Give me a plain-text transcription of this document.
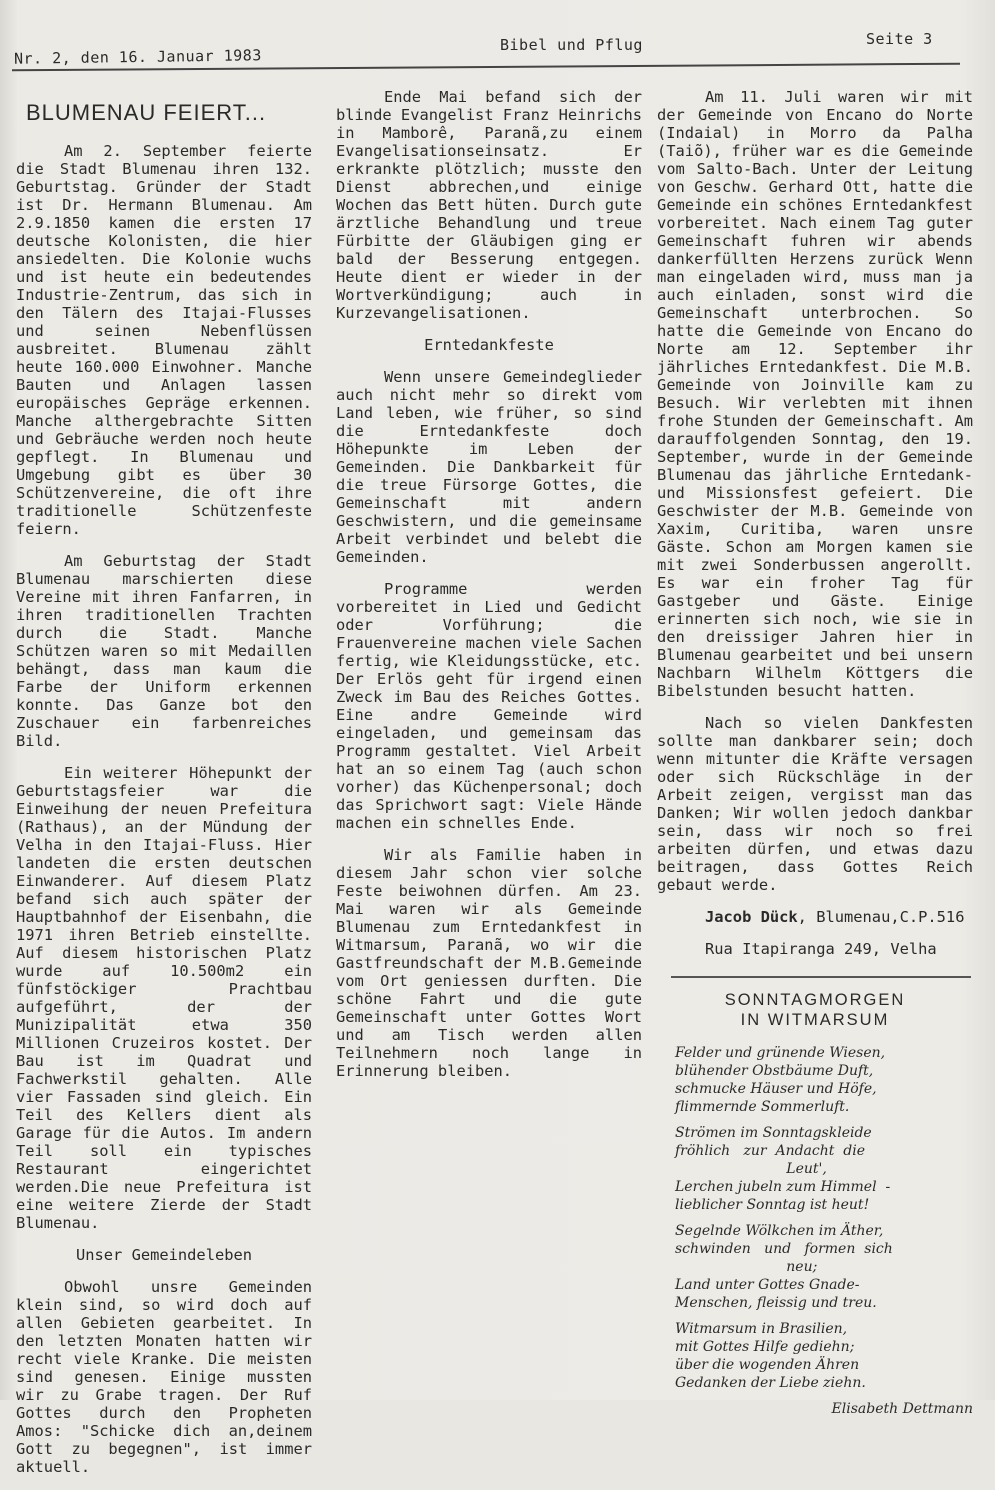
Nr. 2, den 16. Januar 1983
Bibel und Pflug	Seite 3
BLUMENAU FEIERT...

Am 2. September feierte die Stadt Blumenau ihren 132. Geburtstag. Gründer der Stadt ist Dr. Hermann Blumenau. Am 2.9.1850 kamen die ersten 17 deutsche Kolonisten, die hier ansiedelten. Die Kolonie wuchs und ist heute ein bedeutendes Industrie-Zentrum, das sich in den Tälern des Itajai-Flusses und seinen Nebenflüssen ausbreitet. Blumenau zählt heute 160.000 Einwohner. Manche Bauten und Anlagen lassen europäisches Gepräge erkennen. Manche althergebrachte Sitten und Gebräuche werden noch heute gepflegt. In Blumenau und Umgebung gibt es über 30 Schützenvereine, die oft ihre traditionelle Schützenfeste feiern.

Am Geburtstag der Stadt Blumenau marschierten diese Vereine mit ihren Fanfarren, in ihren traditionellen Trachten durch die Stadt. Manche Schützen waren so mit Medaillen behängt, dass man kaum die Farbe der Uniform erkennen konnte. Das Ganze bot den Zuschauer ein farbenreiches Bild.

Ein weiterer Höhepunkt der Geburtstagsfeier war die Einweihung der neuen Prefeitura (Rathaus), an der Mündung der Velha in den Itajai-Fluss. Hier landeten die ersten deutschen Einwanderer. Auf diesem Platz befand sich auch später der Hauptbahnhof der Eisenbahn, die 1971 ihren Betrieb einstellte. Auf diesem historischen Platz wurde auf 10.500m2 ein fünfstöckiger Prachtbau aufgeführt, der der Munizipalität etwa 350 Millionen Cruzeiros kostet. Der Bau ist im Quadrat und Fachwerkstil gehalten. Alle vier Fassaden sind gleich. Ein Teil des Kellers dient als Garage für die Autos. Im andern Teil soll ein typisches Restaurant eingerichtet werden.Die neue Prefeitura ist eine weitere Zierde der Stadt Blumenau.

Unser Gemeindeleben

Obwohl unsre Gemeinden klein sind, so wird doch auf allen Gebieten gearbeitet. In den letzten Monaten hatten wir recht viele Kranke. Die meisten sind genesen. Einige mussten wir zu Grabe tragen. Der Ruf Gottes durch den Propheten Amos: "Schicke dich an,deinem Gott zu begegnen", ist immer aktuell.

Ende Mai befand sich der blinde Evangelist Franz Heinrichs in Mamborê, Paranã,zu einem Evangelisationseinsatz. Er erkrankte plötzlich; musste den Dienst abbrechen,und einige Wochen das Bett hüten. Durch gute ärztliche Behandlung und treue Fürbitte der Gläubigen ging er bald der Besserung entgegen. Heute dient er wieder in der Wortverkündigung; auch in Kurzevangelisationen.

Erntedankfeste

Wenn unsere Gemeindeglieder auch nicht mehr so direkt vom Land leben, wie früher, so sind die Erntedankfeste doch Höhepunkte im Leben der Gemeinden. Die Dankbarkeit für die treue Fürsorge Gottes, die Gemeinschaft mit andern Geschwistern, und die gemeinsame Arbeit verbindet und belebt die Gemeinden.

Programme werden vorbereitet in Lied und Gedicht oder Vorführung; die Frauenvereine machen viele Sachen fertig, wie Kleidungsstücke, etc. Der Erlös geht für irgend einen Zweck im Bau des Reiches Gottes. Eine andre Gemeinde wird eingeladen, und gemeinsam das Programm gestaltet. Viel Arbeit hat an so einem Tag (auch schon vorher) das Küchenpersonal; doch das Sprichwort sagt: Viele Hände machen ein schnelles Ende.

Wir als Familie haben in diesem Jahr schon vier solche Feste beiwohnen dürfen. Am 23. Mai waren wir als Gemeinde Blumenau zum Erntedankfest in Witmarsum, Paranã, wo wir die Gastfreundschaft der M.B.Gemeinde vom Ort geniessen durften. Die schöne Fahrt und die gute Gemeinschaft unter Gottes Wort und am Tisch werden allen Teilnehmern noch lange in Erinnerung bleiben.

Am 11. Juli waren wir mit der Gemeinde von Encano do Norte (Indaial) in Morro da Palha (Taiõ), früher war es die Gemeinde vom Salto-Bach. Unter der Leitung von Geschw. Gerhard Ott, hatte die Gemeinde ein schönes Erntedankfest vorbereitet. Nach einem Tag guter Gemeinschaft fuhren wir abends dankerfüllten Herzens zurück Wenn man eingeladen wird, muss man ja auch einladen, sonst wird die Gemeinschaft unterbrochen. So hatte die Gemeinde von Encano do Norte am 12. September ihr jährliches Erntedankfest. Die M.B. Gemeinde von Joinville kam zu Besuch. Wir verlebten mit ihnen frohe Stunden der Gemeinschaft. Am darauffolgenden Sonntag, den 19. September, wurde in der Gemeinde Blumenau das jährliche Erntedank- und Missionsfest gefeiert. Die Geschwister der M.B. Gemeinde von Xaxim, Curitiba, waren unsre Gäste. Schon am Morgen kamen sie mit zwei Sonderbussen angerollt. Es war ein froher Tag für Gastgeber und Gäste. Einige erinnerten sich noch, wie sie in den dreissiger Jahren hier in Blumenau gearbeitet und bei unsern Nachbarn Wilhelm Köttgers die Bibelstunden besucht hatten.

Nach so vielen Dankfesten sollte man dankbarer sein; doch wenn mitunter die Kräfte versagen oder sich Rückschläge in der Arbeit zeigen, vergisst man das Danken; Wir wollen jedoch dankbar sein, dass wir noch so frei arbeiten dürfen, und etwas dazu beitragen, dass Gottes Reich gebaut werde.

Jacob Dück, Blumenau,C.P.516

Rua Itapiranga 249, Velha

SONNTAGMORGEN
IN WITMARSUM
Felder und grünende Wiesen,
blühender Obstbäume Duft,
schmucke Häuser und Höfe,
flimmernde Sommerluft.
Strömen im Sonntagskleide
fröhlich   zur  Andacht  die
Leut',
Lerchen jubeln zum Himmel  -
lieblicher Sonntag ist heut!
Segelnde Wölkchen im Äther,
schwinden   und   formen  sich
neu;
Land unter Gottes Gnade-
Menschen, fleissig und treu.
Witmarsum in Brasilien,
mit Gottes Hilfe gediehn;
über die wogenden Ähren
Gedanken der Liebe ziehn.
Elisabeth Dettmann
